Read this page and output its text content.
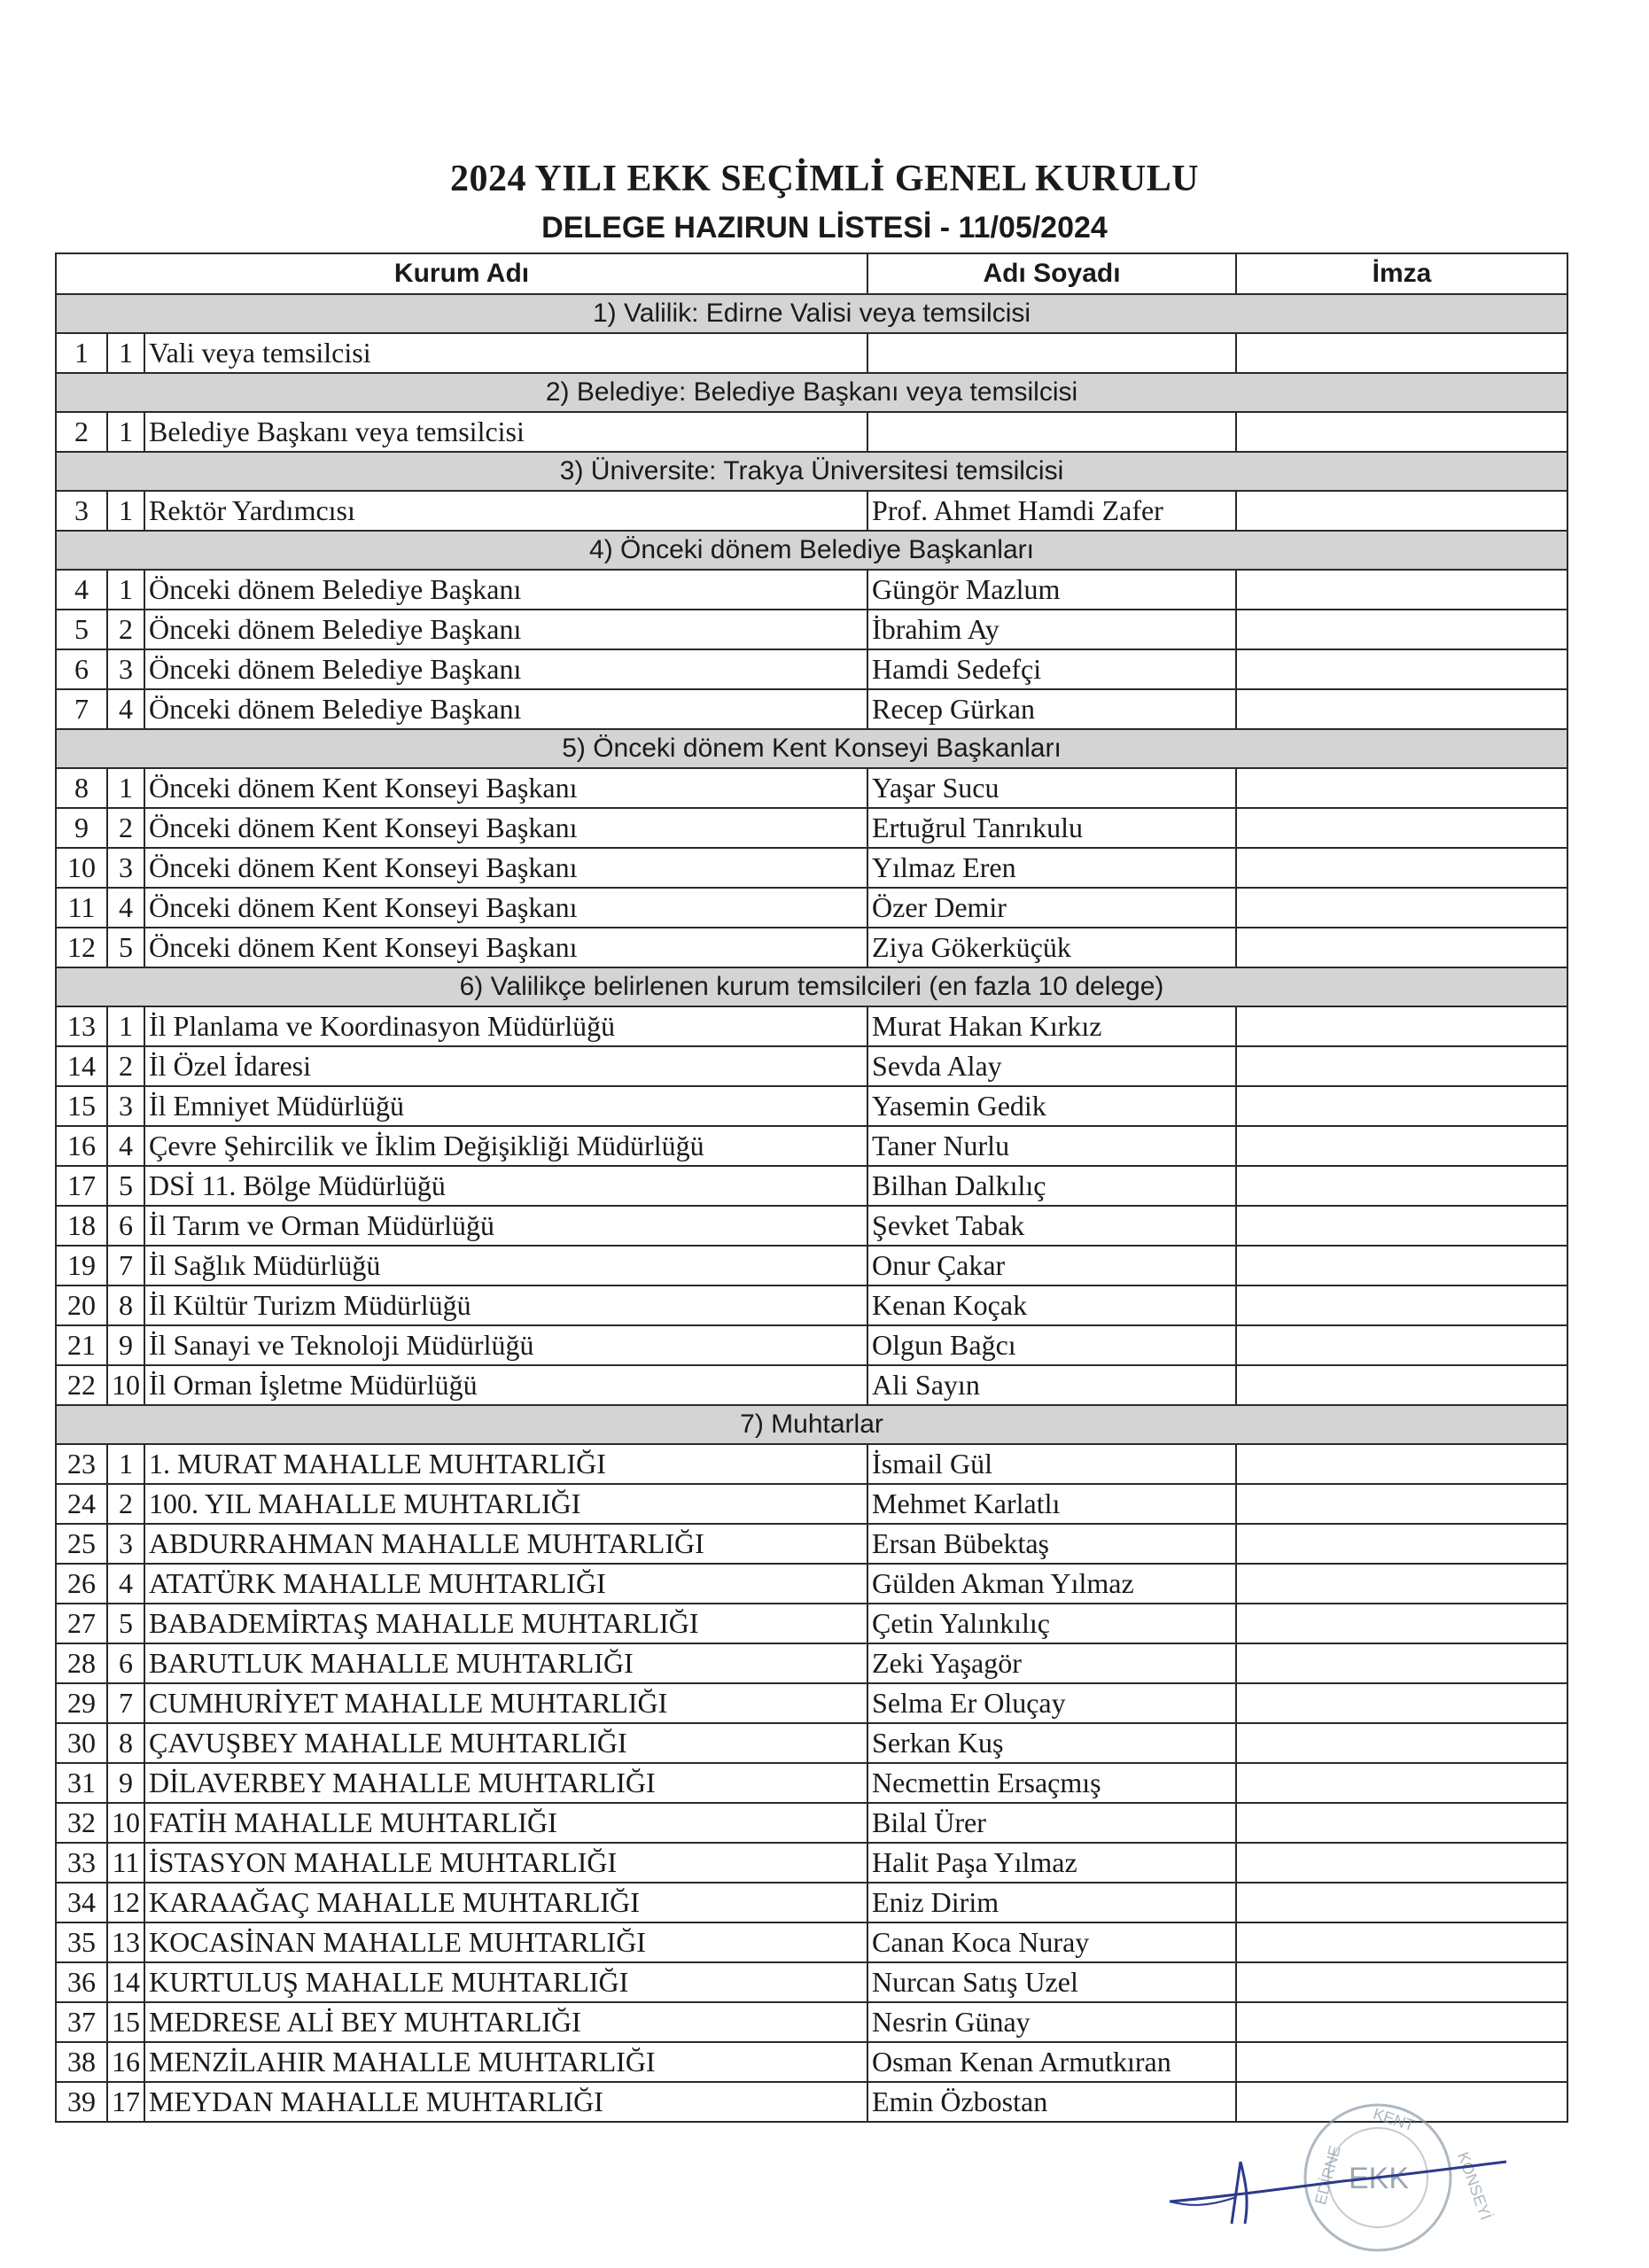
2024 YILI EKK SEÇİMLİ GENEL KURULU
DELEGE HAZIRUN LİSTESİ - 11/05/2024
Kurum Adı			Adı Soyadı	İmza
1) Valilik: Edirne Valisi veya temsilcisi				
1	1	Vali veya temsilcisi		
2) Belediye: Belediye Başkanı veya temsilcisi				
2	1	Belediye Başkanı veya temsilcisi		
3) Üniversite: Trakya Üniversitesi temsilcisi				
3	1	Rektör Yardımcısı	Prof. Ahmet Hamdi Zafer	
4) Önceki dönem Belediye Başkanları				
4	1	Önceki dönem Belediye Başkanı	Güngör Mazlum	
5	2	Önceki dönem Belediye Başkanı	İbrahim Ay	
6	3	Önceki dönem Belediye Başkanı	Hamdi Sedefçi	
7	4	Önceki dönem Belediye Başkanı	Recep Gürkan	
5) Önceki dönem Kent Konseyi Başkanları				
8	1	Önceki dönem Kent Konseyi Başkanı	Yaşar Sucu	
9	2	Önceki dönem Kent Konseyi Başkanı	Ertuğrul Tanrıkulu	
10	3	Önceki dönem Kent Konseyi Başkanı	Yılmaz Eren	
11	4	Önceki dönem Kent Konseyi Başkanı	Özer Demir	
12	5	Önceki dönem Kent Konseyi Başkanı	Ziya Gökerküçük	
6) Valilikçe belirlenen kurum temsilcileri (en fazla 10 delege)				
13	1	İl Planlama ve Koordinasyon Müdürlüğü	Murat Hakan Kırkız	
14	2	İl Özel İdaresi	Sevda Alay	
15	3	İl Emniyet Müdürlüğü	Yasemin Gedik	
16	4	Çevre Şehircilik ve İklim Değişikliği Müdürlüğü	Taner Nurlu	
17	5	DSİ 11. Bölge Müdürlüğü	Bilhan Dalkılıç	
18	6	İl Tarım ve Orman Müdürlüğü	Şevket Tabak	
19	7	İl Sağlık Müdürlüğü	Onur Çakar	
20	8	İl Kültür Turizm Müdürlüğü	Kenan Koçak	
21	9	İl Sanayi ve Teknoloji Müdürlüğü	Olgun Bağcı	
22	10	İl Orman İşletme Müdürlüğü	Ali Sayın	
7) Muhtarlar				
23	1	1. MURAT MAHALLE MUHTARLIĞI	İsmail Gül	
24	2	100. YIL MAHALLE MUHTARLIĞI	Mehmet Karlatlı	
25	3	ABDURRAHMAN MAHALLE MUHTARLIĞI	Ersan Bübektaş	
26	4	ATATÜRK MAHALLE MUHTARLIĞI	Gülden Akman Yılmaz	
27	5	BABADEMİRTAŞ MAHALLE MUHTARLIĞI	Çetin Yalınkılıç	
28	6	BARUTLUK MAHALLE MUHTARLIĞI	Zeki Yaşagör	
29	7	CUMHURİYET MAHALLE MUHTARLIĞI	Selma Er Oluçay	
30	8	ÇAVUŞBEY MAHALLE MUHTARLIĞI	Serkan Kuş	
31	9	DİLAVERBEY MAHALLE MUHTARLIĞI	Necmettin Ersaçmış	
32	10	FATİH MAHALLE MUHTARLIĞI	Bilal Ürer	
33	11	İSTASYON MAHALLE MUHTARLIĞI	Halit Paşa Yılmaz	
34	12	KARAAĞAÇ MAHALLE MUHTARLIĞI	Eniz Dirim	
35	13	KOCASİNAN MAHALLE MUHTARLIĞI	Canan Koca Nuray	
36	14	KURTULUŞ MAHALLE MUHTARLIĞI	Nurcan Satış Uzel	
37	15	MEDRESE ALİ BEY MUHTARLIĞI	Nesrin Günay	
38	16	MENZİLAHIR MAHALLE MUHTARLIĞI	Osman Kenan Armutkıran	
39	17	MEYDAN MAHALLE MUHTARLIĞI	Emin Özbostan	
EKK
KENT
KONSEYİ
EDİRNE
